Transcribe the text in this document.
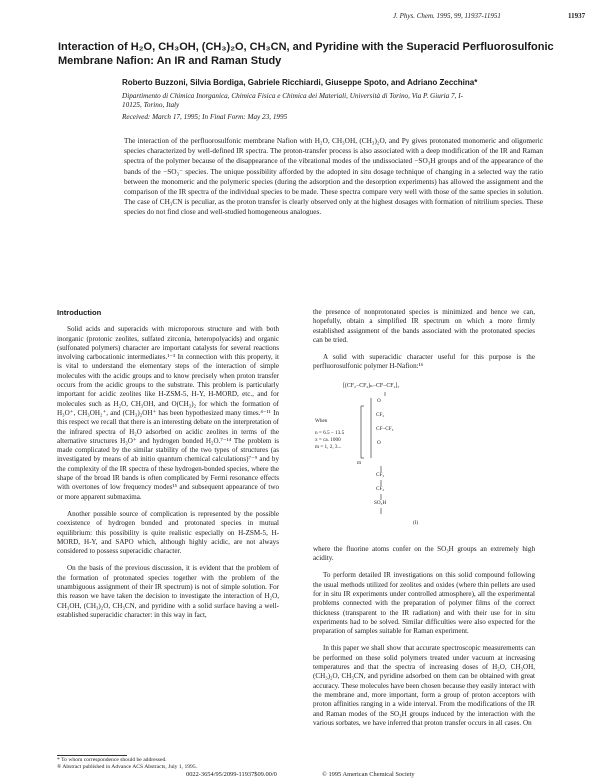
J. Phys. Chem. 1995, 99, 11937-11951	11937
Interaction of H₂O, CH₃OH, (CH₃)₂O, CH₃CN, and Pyridine with the Superacid Perfluorosulfonic Membrane Nafion: An IR and Raman Study
Roberto Buzzoni, Silvia Bordiga, Gabriele Ricchiardi, Giuseppe Spoto, and Adriano Zecchina*
Dipartimento di Chimica Inorganica, Chimica Fisica e Chimica dei Materiali, Università di Torino, Via P. Giuria 7, I-10125, Torino, Italy
Received: March 17, 1995; In Final Form: May 23, 1995

The interaction of the perfluorosulfonic membrane Nafion with H₂O, CH₃OH, (CH₃)₂O, and Py gives protonated monomeric and oligomeric species characterized by well-defined IR spectra. The proton-transfer process is also associated with a deep modification of the IR and Raman spectra of the polymer because of the disappearance of the vibrational modes of the undissociated −SO₃H groups and of the appearance of the bands of the −SO₃⁻ species. The unique possibility afforded by the adopted in situ dosage technique of changing in a selected way the ratio between the monomeric and the polymeric species (during the adsorption and the desorption experiments) has allowed the assignment and the comparison of the IR spectra of the individual species to be made. These spectra compare very well with those of the same species in solution. The case of CH₃CN is peculiar, as the proton transfer is clearly observed only at the highest dosages with formation of nitrilium species. These species do not find close and well-studied homogeneous analogues.

Introduction

Solid acids and superacids with microporous structure and with both inorganic (protonic zeolites, sulfated zirconia, heteropolyacids) and organic (sulfonated polymers) character are important catalysts for several reactions involving carbocationic intermediates.¹⁻³ In connection with this property, it is vital to understand the elementary steps of the interaction of simple molecules with the acidic groups and to know precisely when proton transfer occurs from the acidic groups to the substrate. This problem is particularly important for acidic zeolites like H-ZSM-5, H-Y, H-MORD, etc., and for molecules such as H₂O, CH₃OH, and O(CH₃)₂ for which the formation of H₃O⁺, CH₃OH₂⁺, and (CH₃)₂OH⁺ has been hypothesized many times.⁴⁻¹¹ In this respect we recall that there is an interesting debate on the interpretation of the infrared spectra of H₂O adsorbed on acidic zeolites in terms of the alternative structures H₃O⁺ and hydrogen bonded H₂O.⁷⁻¹⁴ The problem is made complicated by the similar stability of the two types of structures (as investigated by means of ab initio quantum chemical calculations)⁷⁻⁹ and by the complexity of the IR spectra of these hydrogen-bonded species, where the shape of the broad IR bands is often complicated by Fermi resonance effects with overtones of low frequency modes¹⁵ and subsequent appearance of two or more apparent submaxima.

Another possible source of complication is represented by the possible coexistence of hydrogen bonded and protonated species in mutual equilibrium: this possibility is quite realistic especially on H-ZSM-5, H-MORD, H-Y, and SAPO which, although highly acidic, are not always considered to possess superacidic character.

On the basis of the previous discussion, it is evident that the problem of the formation of protonated species together with the problem of the unambiguous assignment of their IR spectrum) is not of simple solution. For this reason we have taken the decision to investigate the interaction of H₂O, CH₃OH, (CH₃)₂O, CH₃CN, and pyridine with a solid surface having a well-established superacidic character: in this way in fact,

the presence of nonprotonated species is minimized and hence we can, hopefully, obtain a simplified IR spectrum on which a more firmly established assignment of the bands associated with the protonated species can be tried.

A solid with superacidic character useful for this purpose is the perfluorosulfonic polymer H-Nafion:¹⁶

[(CF₂−CF₂)ₙ−CF−CF₂]ₓ
O
CF₂
CF−CF₃
O
CF₂
CF₂
SO₃H
m
When
n = 6.5 − 13.5
x = ca. 1000
m = 1, 2, 3...
(I)

where the fluorine atoms confer on the SO₃H groups an extremely high acidity.

To perform detailed IR investigations on this solid compound following the usual methods utilized for zeolites and oxides (where thin pellets are used for in situ IR experiments under controlled atmosphere), all the experimental problems connected with the preparation of polymer films of the correct thickness (transparent to the IR radiation) and with their use for in situ experiments had to be solved. Similar difficulties were also expected for the preparation of samples suitable for Raman experiment.

In this paper we shall show that accurate spectroscopic measurements can be performed on these solid polymers treated under vacuum at increasing temperatures and that the spectra of increasing doses of H₂O, CH₃OH, (CH₃)₂O, CH₃CN, and pyridine adsorbed on them can be obtained with great accuracy. These molecules have been chosen because they easily interact with the membrane and, more important, form a group of proton acceptors with proton affinities ranging in a wide interval. From the modifications of the IR and Raman modes of the SO₃H groups induced by the interaction with the various sorbates, we have inferred that proton transfer occurs in all cases. On

* To whom correspondence should be addressed.
® Abstract published in Advance ACS Abstracts, July 1, 1995.
0022-3654/95/2099-11937$09.00/0	© 1995 American Chemical Society
